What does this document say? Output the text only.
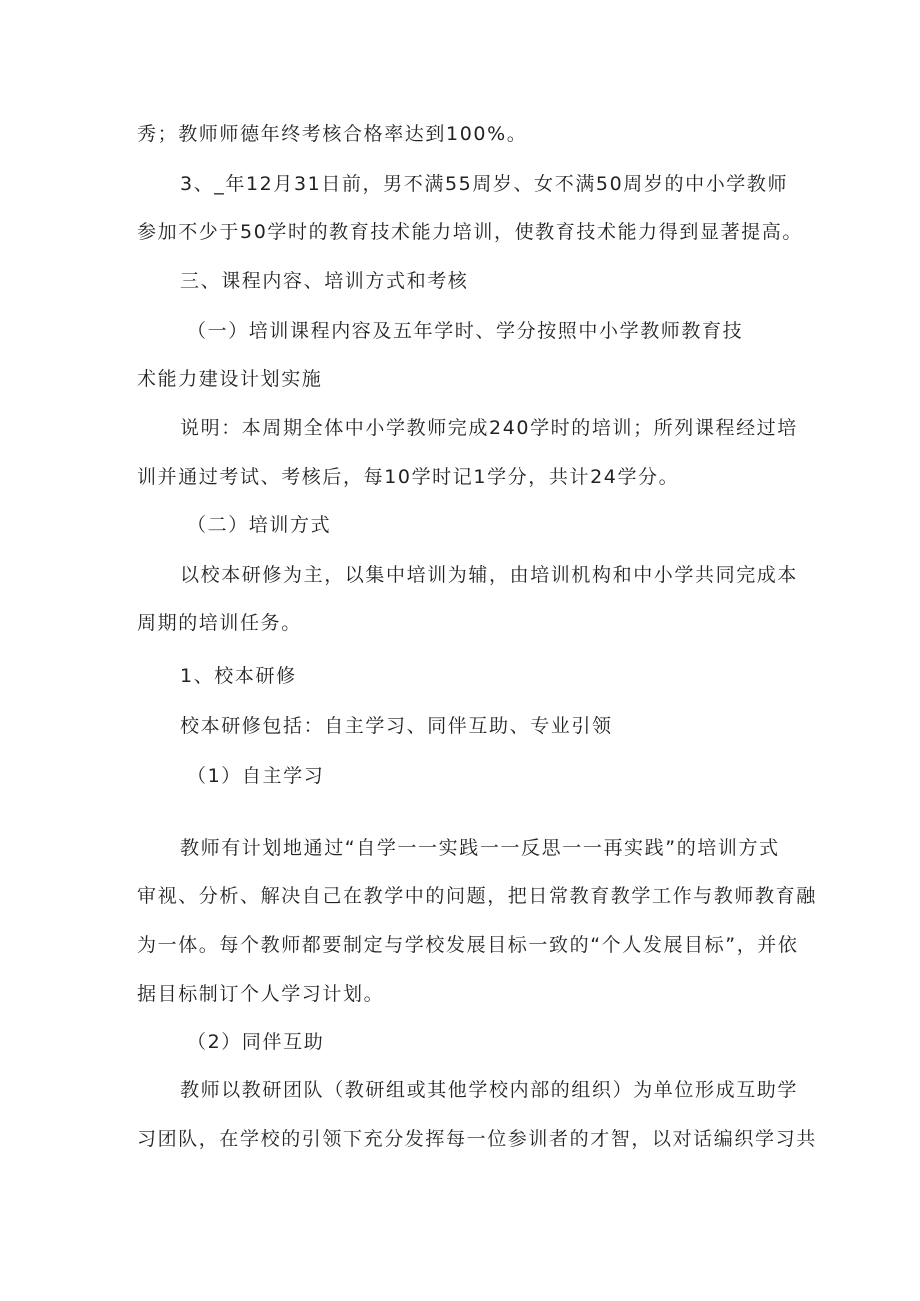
秀；教师师德年终考核合格率达到100%。
3、_年12月31日前，男不满55周岁、女不满50周岁的中小学教师
参加不少于50学时的教育技术能力培训，使教育技术能力得到显著提高。
三、课程内容、培训方式和考核
（一）培训课程内容及五年学时、学分按照中小学教师教育技
术能力建设计划实施
说明：本周期全体中小学教师完成240学时的培训；所列课程经过培
训并通过考试、考核后，每10学时记1学分，共计24学分。
（二）培训方式
以校本研修为主，以集中培训为辅，由培训机构和中小学共同完成本
周期的培训任务。
1、校本研修
校本研修包括：自主学习、同伴互助、专业引领
（1）自主学习
教师有计划地通过“自学一一实践一一反思一一再实践”的培训方式
审视、分析、解决自己在教学中的问题，把日常教育教学工作与教师教育融
为一体。每个教师都要制定与学校发展目标一致的“个人发展目标”，并依
据目标制订个人学习计划。
（2）同伴互助
教师以教研团队（教研组或其他学校内部的组织）为单位形成互助学
习团队，在学校的引领下充分发挥每一位参训者的才智，以对话编织学习共
